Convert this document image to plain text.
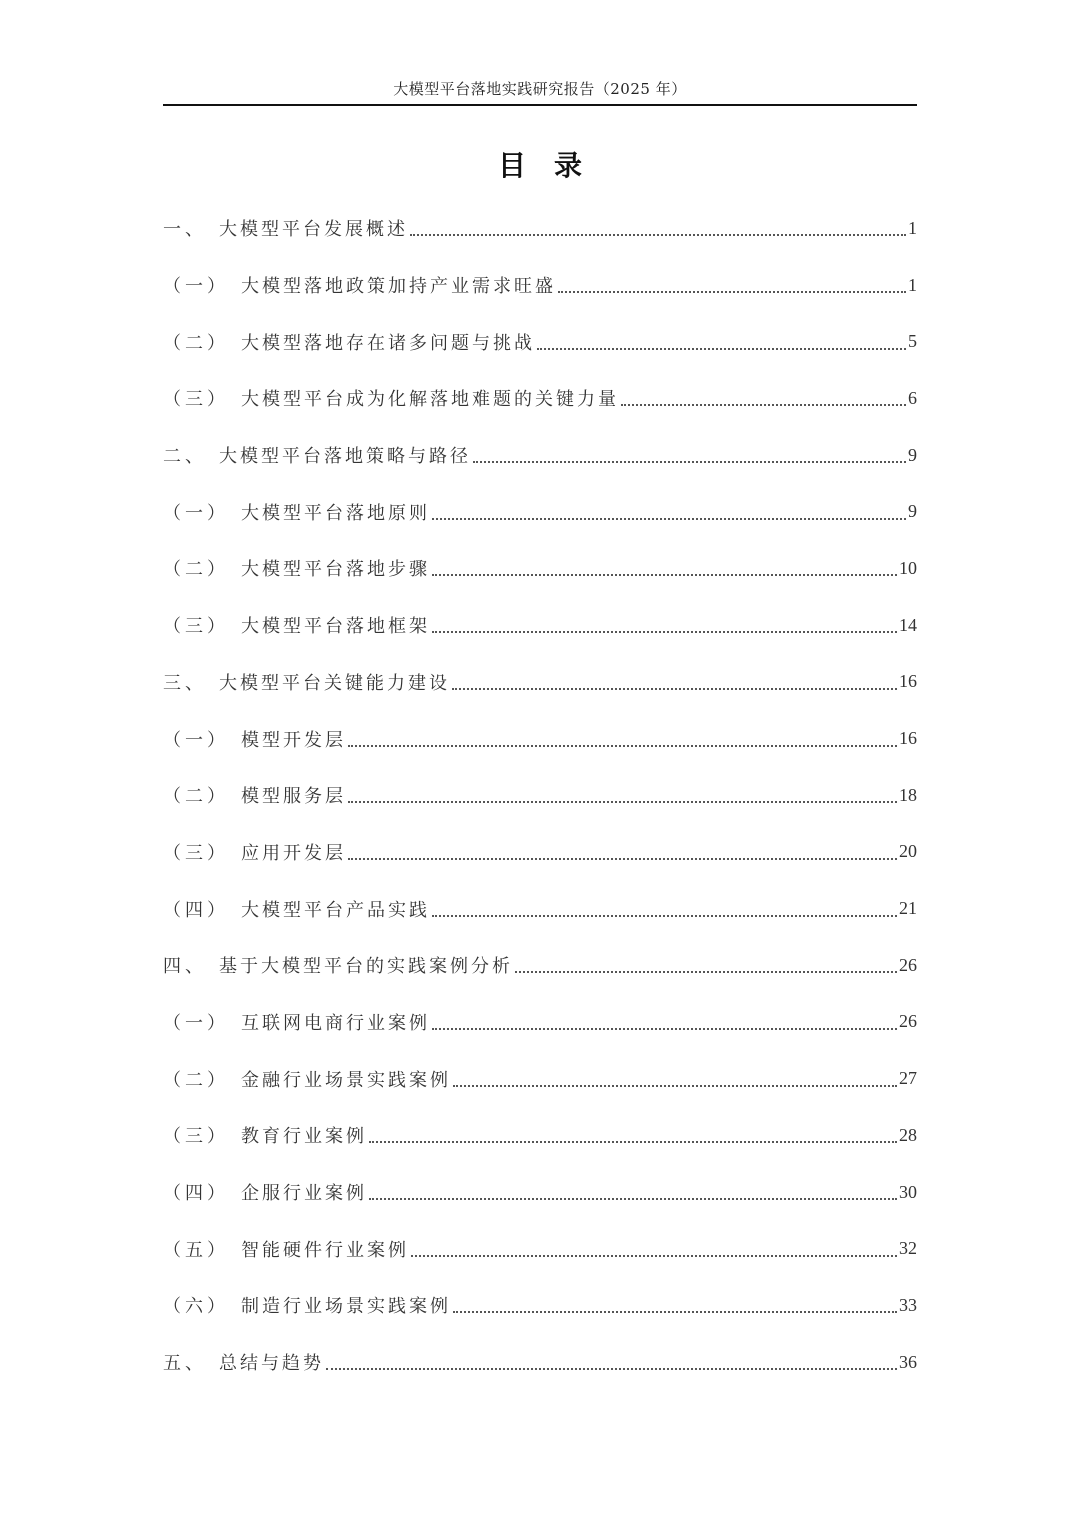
大模型平台落地实践研究报告（2025 年）
目录
一、 大模型平台发展概述	1
（一） 大模型落地政策加持产业需求旺盛	1
（二） 大模型落地存在诸多问题与挑战	5
（三） 大模型平台成为化解落地难题的关键力量	6
二、 大模型平台落地策略与路径	9
（一） 大模型平台落地原则	9
（二） 大模型平台落地步骤	10
（三） 大模型平台落地框架	14
三、 大模型平台关键能力建设	16
（一） 模型开发层	16
（二） 模型服务层	18
（三） 应用开发层	20
（四） 大模型平台产品实践	21
四、 基于大模型平台的实践案例分析	26
（一） 互联网电商行业案例	26
（二） 金融行业场景实践案例	27
（三） 教育行业案例	28
（四） 企服行业案例	30
（五） 智能硬件行业案例	32
（六） 制造行业场景实践案例	33
五、 总结与趋势	36
